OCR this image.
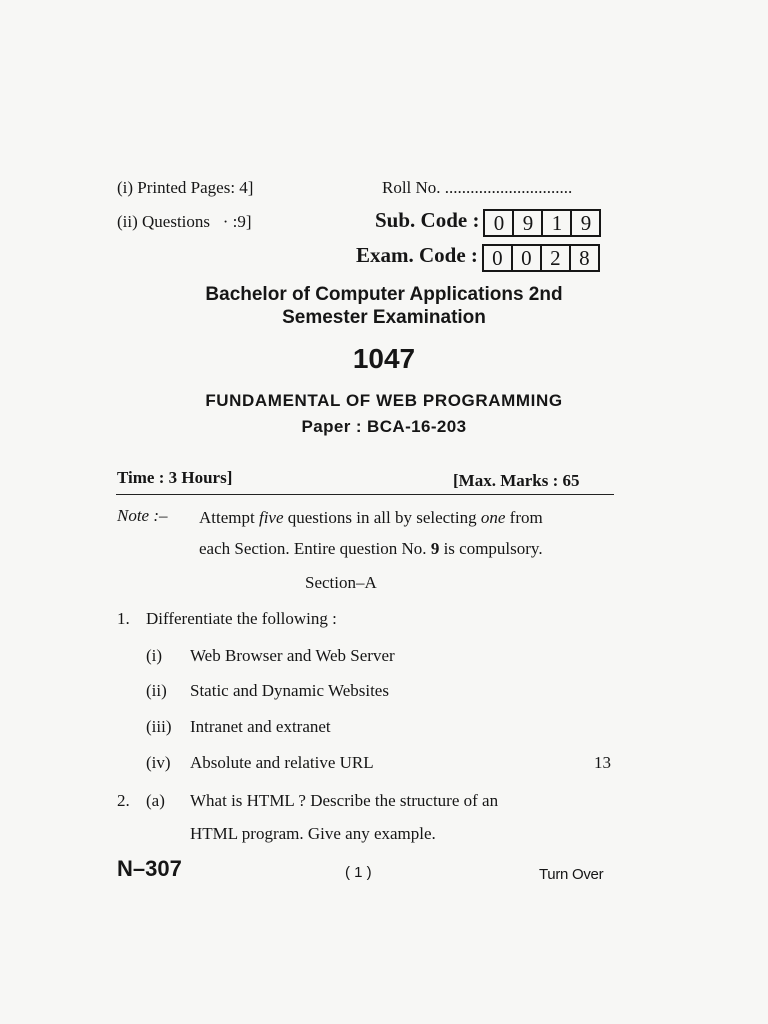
(i) Printed Pages: 4]	Roll No. ..............................
(ii) Questions   · :9]	Sub. Code : 0 9 1 9
Exam. Code : 0 0 2 8
Bachelor of Computer Applications 2nd
Semester Examination
1047
FUNDAMENTAL OF WEB PROGRAMMING
Paper : BCA-16-203
Time : 3 Hours]	[Max. Marks : 65
Note :– Attempt five questions in all by selecting one from
each Section. Entire question No. 9 is compulsory.
Section–A
1. Differentiate the following :
(i) Web Browser and Web Server
(ii) Static and Dynamic Websites
(iii) Intranet and extranet
(iv) Absolute and relative URL	13
2. (a) What is HTML ? Describe the structure of an
HTML program. Give any example.
N–307	( 1 )	Turn Over
